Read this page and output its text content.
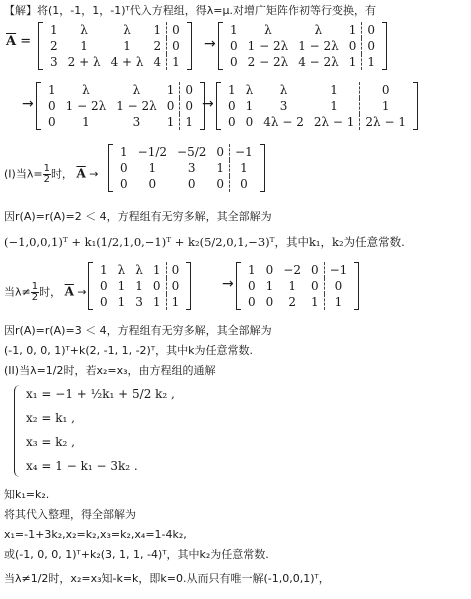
【解】将(1，-1，1，-1)ᵀ代入方程组，得λ=μ.对增广矩阵作初等行变换，有
$\overline{A}$ =
1	λ	λ	1	0
2	1	1	2	0
3	2 + λ	4 + λ	4	1
→
1	λ	λ	1	0
0	1 − 2λ	1 − 2λ	0	0
0	2 − 2λ	4 − 2λ	1	1
→
1	λ	λ	1	0
0	1 − 2λ	1 − 2λ	0	0
0	1	3	1	1
→
1	λ	λ	1	0
0	1	3	1	1
0	0	4λ − 2	2λ − 1	2λ − 1
(I)当$\lambda= \frac{1}{2}$ 时， $\overline{A}$ →
1	−1/2	−5/2	0	−1
0	1	3	1	1
0	0	0	0	0
因r(A)=r(A)=2 ＜ 4，方程组有无穷多解，其全部解为
(−1,0,0,1)ᵀ + k₁(1/2,1,0,−1)ᵀ + k₂(5/2,0,1,−3)ᵀ，其中k₁，k₂为任意常数.
当$\lambda\ne \frac{1}{2}$ 时， $\overline{A}$ →
1	λ	λ	1	0
0	1	1	0	0
0	1	3	1	1
→
1	0	−2	0	−1
0	1	1	0	0
0	0	2	1	1
因r(A)=r(A)=3 ＜ 4，方程组有无穷多解，其全部解为
(-1, 0, 0, 1)ᵀ+k(2, -1, 1, -2)ᵀ，其中k为任意常数.
(II)当λ=1/2时，若x₂=x₃，由方程组的通解
x₁ = −1 + ½k₁ + 5/2 k₂ ,
x₂ = k₁ ,
x₃ = k₂ ,
x₄ = 1 − k₁ − 3k₂ .
知k₁=k₂.
将其代入整理，得全部解为
x₁=-1+3k₂,x₂=k₂,x₃=k₂,x₄=1-4k₂,
或(-1, 0, 0, 1)ᵀ+k₂(3, 1, 1, -4)ᵀ，其中k₂为任意常数.
当λ≠1/2时，x₂=x₃知-k=k，即k=0.从而只有唯一解(-1,0,0,1)ᵀ，
